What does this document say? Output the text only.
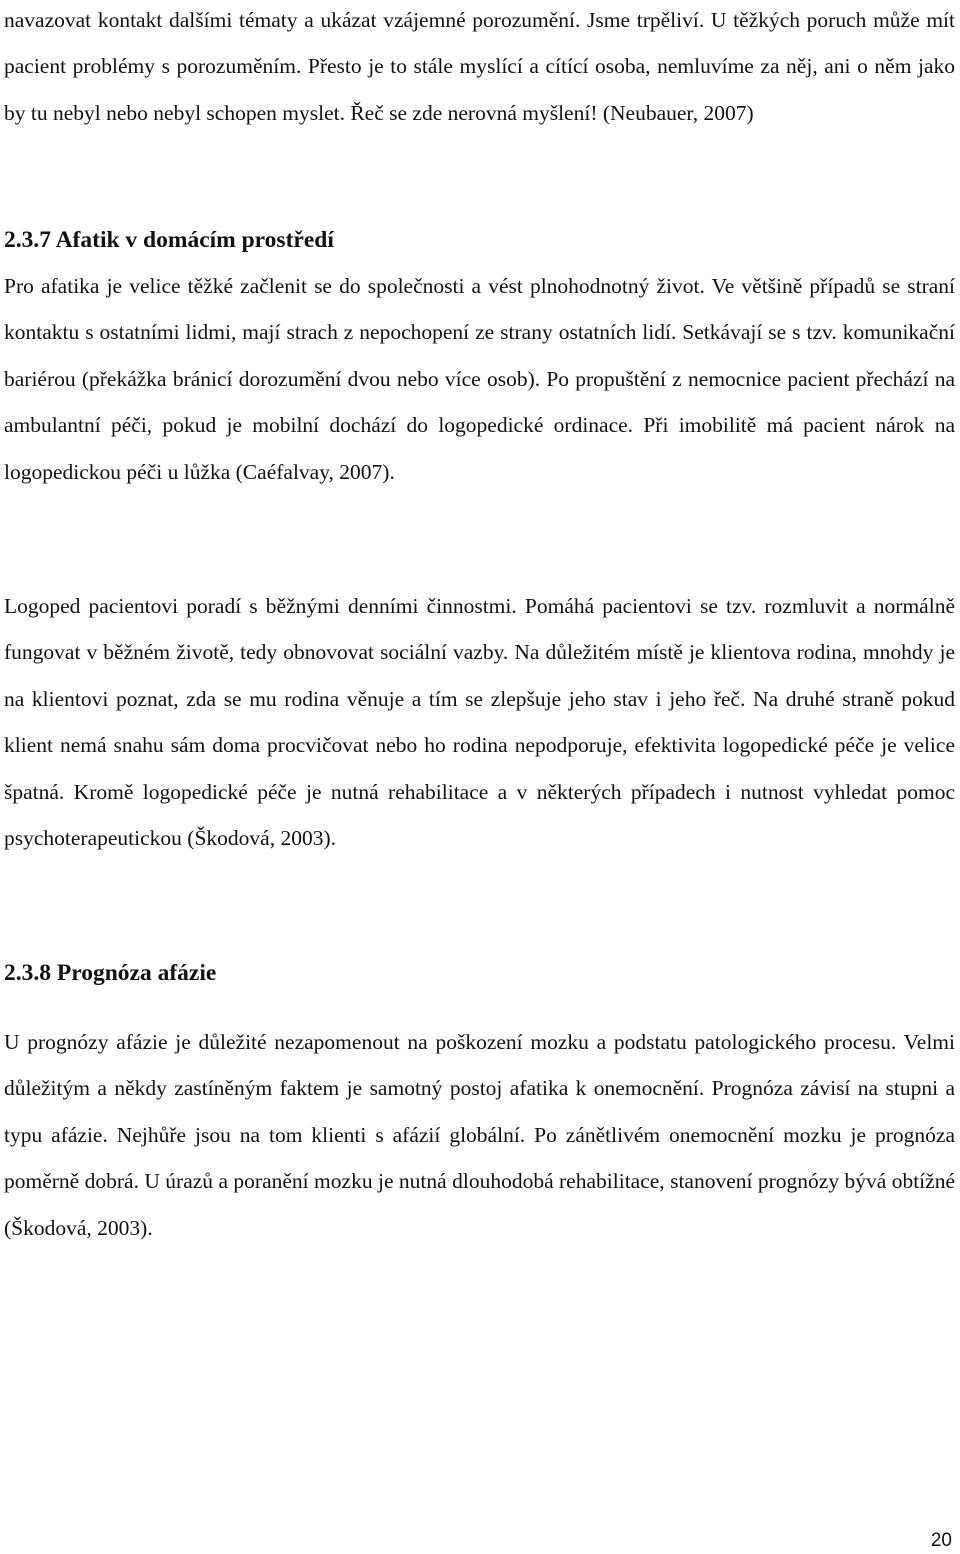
navazovat kontakt dalšími tématy a ukázat vzájemné porozumění. Jsme trpěliví. U těžkých poruch může mít pacient problémy s porozuměním. Přesto je to stále myslící a cítící osoba, nemluvíme za něj, ani o něm jako by tu nebyl nebo nebyl schopen myslet. Řeč se zde nerovná myšlení! (Neubauer, 2007)

2.3.7 Afatik v domácím prostředí

Pro afatika je velice těžké začlenit se do společnosti a vést plnohodnotný život. Ve většině případů se straní kontaktu s ostatními lidmi, mají strach z nepochopení ze strany ostatních lidí. Setkávají se s tzv. komunikační bariérou (překážka bránicí dorozumění dvou nebo více osob). Po propuštění z nemocnice pacient přechází na ambulantní péči, pokud je mobilní dochází do logopedické ordinace. Při imobilitě má pacient nárok na logopedickou péči u lůžka (Caéfalvay, 2007).

Logoped pacientovi poradí s běžnými denními činnostmi. Pomáhá pacientovi se tzv. rozmluvit a normálně fungovat v běžném životě, tedy obnovovat sociální vazby. Na důležitém místě je klientova rodina, mnohdy je na klientovi poznat, zda se mu rodina věnuje a tím se zlepšuje jeho stav i jeho řeč. Na druhé straně pokud klient nemá snahu sám doma procvičovat nebo ho rodina nepodporuje, efektivita logopedické péče je velice špatná. Kromě logopedické péče je nutná rehabilitace a v některých případech i nutnost vyhledat pomoc psychoterapeutickou (Škodová, 2003).

2.3.8 Prognóza afázie

U prognózy afázie je důležité nezapomenout na poškození mozku a podstatu patologického procesu. Velmi důležitým a někdy zastíněným faktem je samotný postoj afatika k onemocnění. Prognóza závisí na stupni a typu afázie. Nejhůře jsou na tom klienti s afázií globální. Po zánětlivém onemocnění mozku je prognóza poměrně dobrá. U úrazů a poranění mozku je nutná dlouhodobá rehabilitace, stanovení prognózy bývá obtížné (Škodová, 2003).

20
